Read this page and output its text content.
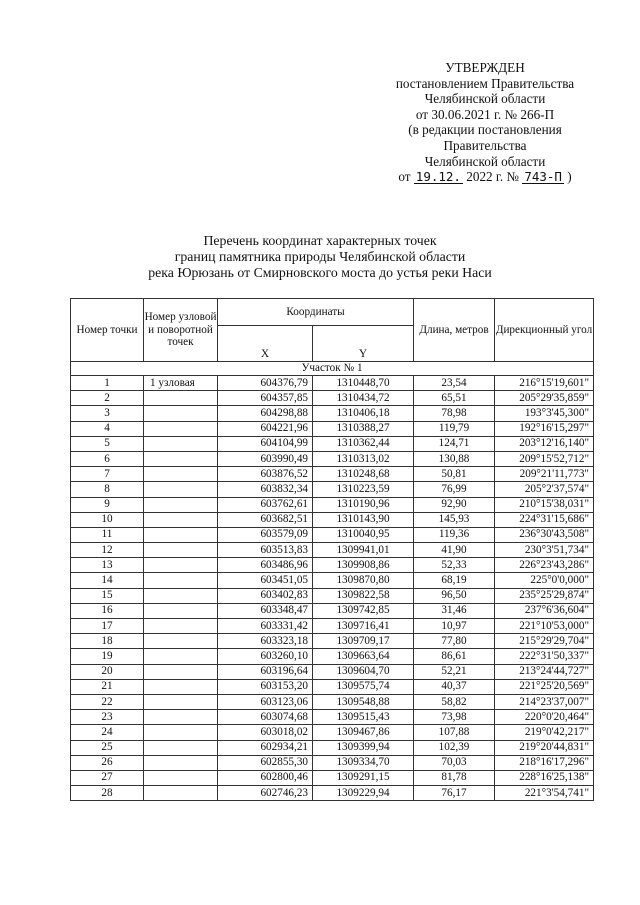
УТВЕРЖДЕН
постановлением Правительства
Челябинской области
от 30.06.2021 г. № 266-П
(в редакции постановления
Правительства
Челябинской области
от 19.12. 2022 г. № 743-П )
Перечень координат характерных точек
границ памятника природы Челябинской области
река Юрюзань от Смирновского моста до устья реки Наси
Номер точки	Номер узловой и поворотной точек	Координаты		Длина, метров	Дирекционный угол
		X	Y		
Участок № 1					
1	1 узловая	604376,79	1310448,70	23,54	216°15'19,601"
2		604357,85	1310434,72	65,51	205°29'35,859"
3		604298,88	1310406,18	78,98	193°3'45,300"
4		604221,96	1310388,27	119,79	192°16'15,297"
5		604104,99	1310362,44	124,71	203°12'16,140"
6		603990,49	1310313,02	130,88	209°15'52,712"
7		603876,52	1310248,68	50,81	209°21'11,773"
8		603832,34	1310223,59	76,99	205°2'37,574"
9		603762,61	1310190,96	92,90	210°15'38,031"
10		603682,51	1310143,90	145,93	224°31'15,686"
11		603579,09	1310040,95	119,36	236°30'43,508"
12		603513,83	1309941,01	41,90	230°3'51,734"
13		603486,96	1309908,86	52,33	226°23'43,286"
14		603451,05	1309870,80	68,19	225°0'0,000"
15		603402,83	1309822,58	96,50	235°25'29,874"
16		603348,47	1309742,85	31,46	237°6'36,604"
17		603331,42	1309716,41	10,97	221°10'53,000"
18		603323,18	1309709,17	77,80	215°29'29,704"
19		603260,10	1309663,64	86,61	222°31'50,337"
20		603196,64	1309604,70	52,21	213°24'44,727"
21		603153,20	1309575,74	40,37	221°25'20,569"
22		603123,06	1309548,88	58,82	214°23'37,007"
23		603074,68	1309515,43	73,98	220°0'20,464"
24		603018,02	1309467,86	107,88	219°0'42,217"
25		602934,21	1309399,94	102,39	219°20'44,831"
26		602855,30	1309334,70	70,03	218°16'17,296"
27		602800,46	1309291,15	81,78	228°16'25,138"
28		602746,23	1309229,94	76,17	221°3'54,741"
